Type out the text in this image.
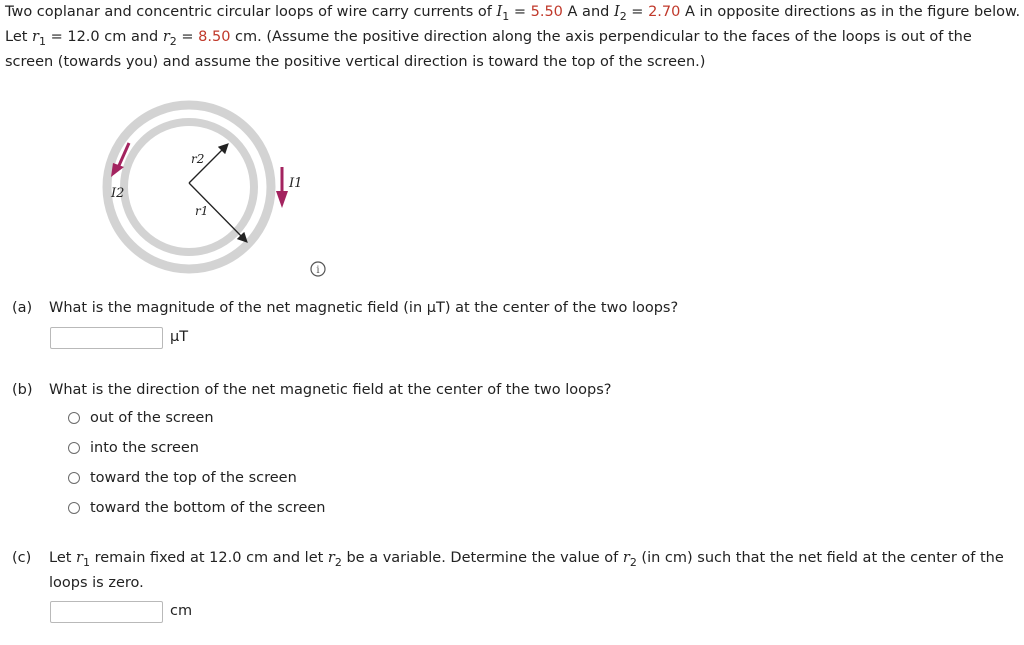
Two coplanar and concentric circular loops of wire carry currents of $I_1 = 5.50$ A and $I_2 = 2.70$ A in opposite directions as in the figure below. Let $r_1 = 12.0$ cm and $r_2 = 8.50$ cm. (Assume the positive direction along the axis perpendicular to the faces of the loops is out of the screen (towards you) and assume the positive vertical direction is toward the top of the screen.)
r2
r1
I2
I1
i
(a) What is the magnitude of the net magnetic field (in μT) at the center of the two loops?
μT
(b) What is the direction of the net magnetic field at the center of the two loops?
out of the screen
into the screen
toward the top of the screen
toward the bottom of the screen
(c)	Let $r_1$ remain fixed at 12.0 cm and let $r_2$ be a variable. Determine the value of $r_2$ (in cm) such that the net field at the center of the loops is zero.
cm
